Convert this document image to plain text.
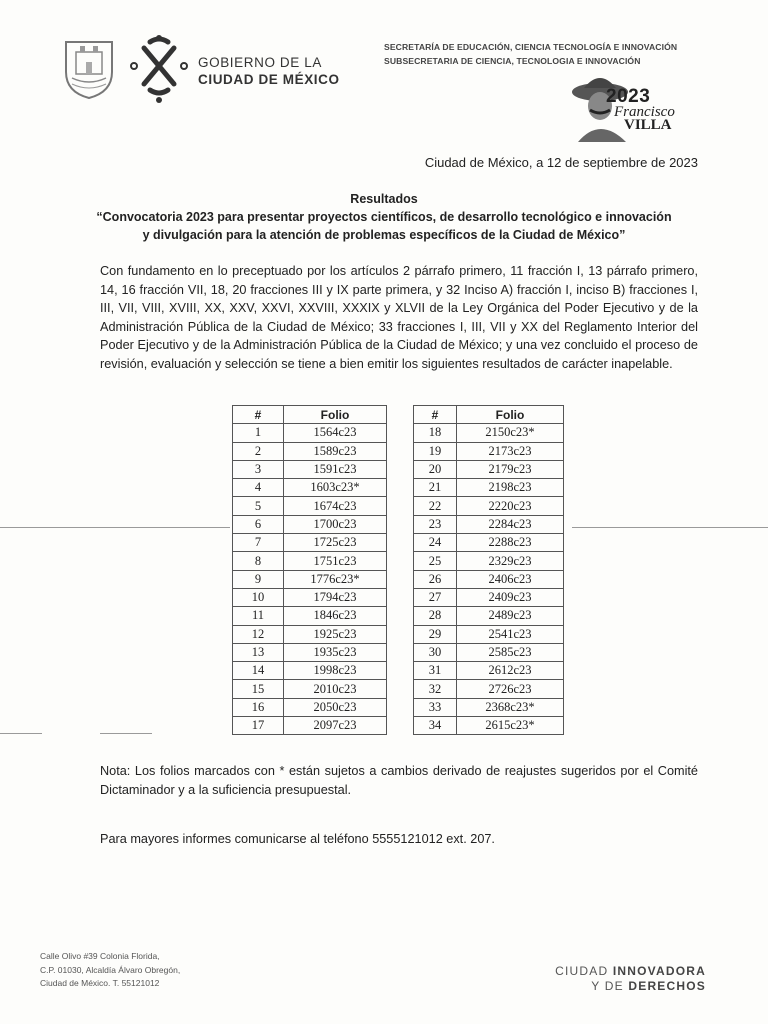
GOBIERNO DE LA
CIUDAD DE MÉXICO
SECRETARÍA DE EDUCACIÓN, CIENCIA TECNOLOGÍA E INNOVACIÓN
SUBSECRETARIA DE CIENCIA, TECNOLOGIA E INNOVACIÓN
2023
Francisco
VILLA
Ciudad de México, a 12 de septiembre de 2023
Resultados
“Convocatoria 2023 para presentar proyectos científicos, de desarrollo tecnológico e innovación
y divulgación para la atención de problemas específicos de la Ciudad de México”
Con fundamento en lo preceptuado por los artículos 2 párrafo primero, 11 fracción I, 13 párrafo primero, 14, 16 fracción VII, 18, 20 fracciones III y IX parte primera, y 32 Inciso A) fracción I, inciso B) fracciones I, III, VII, VIII, XVIII, XX, XXV, XXVI, XXVIII, XXXIX y XLVII de la Ley Orgánica del Poder Ejecutivo y de la Administración Pública de la Ciudad de México; 33 fracciones I, III, VII y XX del Reglamento Interior del Poder Ejecutivo y de la Administración Pública de la Ciudad de México; y una vez concluido el proceso de revisión, evaluación y selección se tiene a bien emitir los siguientes resultados de carácter inapelable.
#	Folio
1	1564c23
2	1589c23
3	1591c23
4	1603c23*
5	1674c23
6	1700c23
7	1725c23
8	1751c23
9	1776c23*
10	1794c23
11	1846c23
12	1925c23
13	1935c23
14	1998c23
15	2010c23
16	2050c23
17	2097c23
#	Folio
18	2150c23*
19	2173c23
20	2179c23
21	2198c23
22	2220c23
23	2284c23
24	2288c23
25	2329c23
26	2406c23
27	2409c23
28	2489c23
29	2541c23
30	2585c23
31	2612c23
32	2726c23
33	2368c23*
34	2615c23*
Nota: Los folios marcados con * están sujetos a cambios derivado de reajustes sugeridos por el Comité Dictaminador y a la suficiencia presupuestal.
Para mayores informes comunicarse al teléfono 5555121012 ext. 207.
Calle Olivo #39 Colonia Florida,
C.P. 01030, Alcaldía Álvaro Obregón,
Ciudad de México. T. 55121012
CIUDAD INNOVADORA
Y DE DERECHOS
